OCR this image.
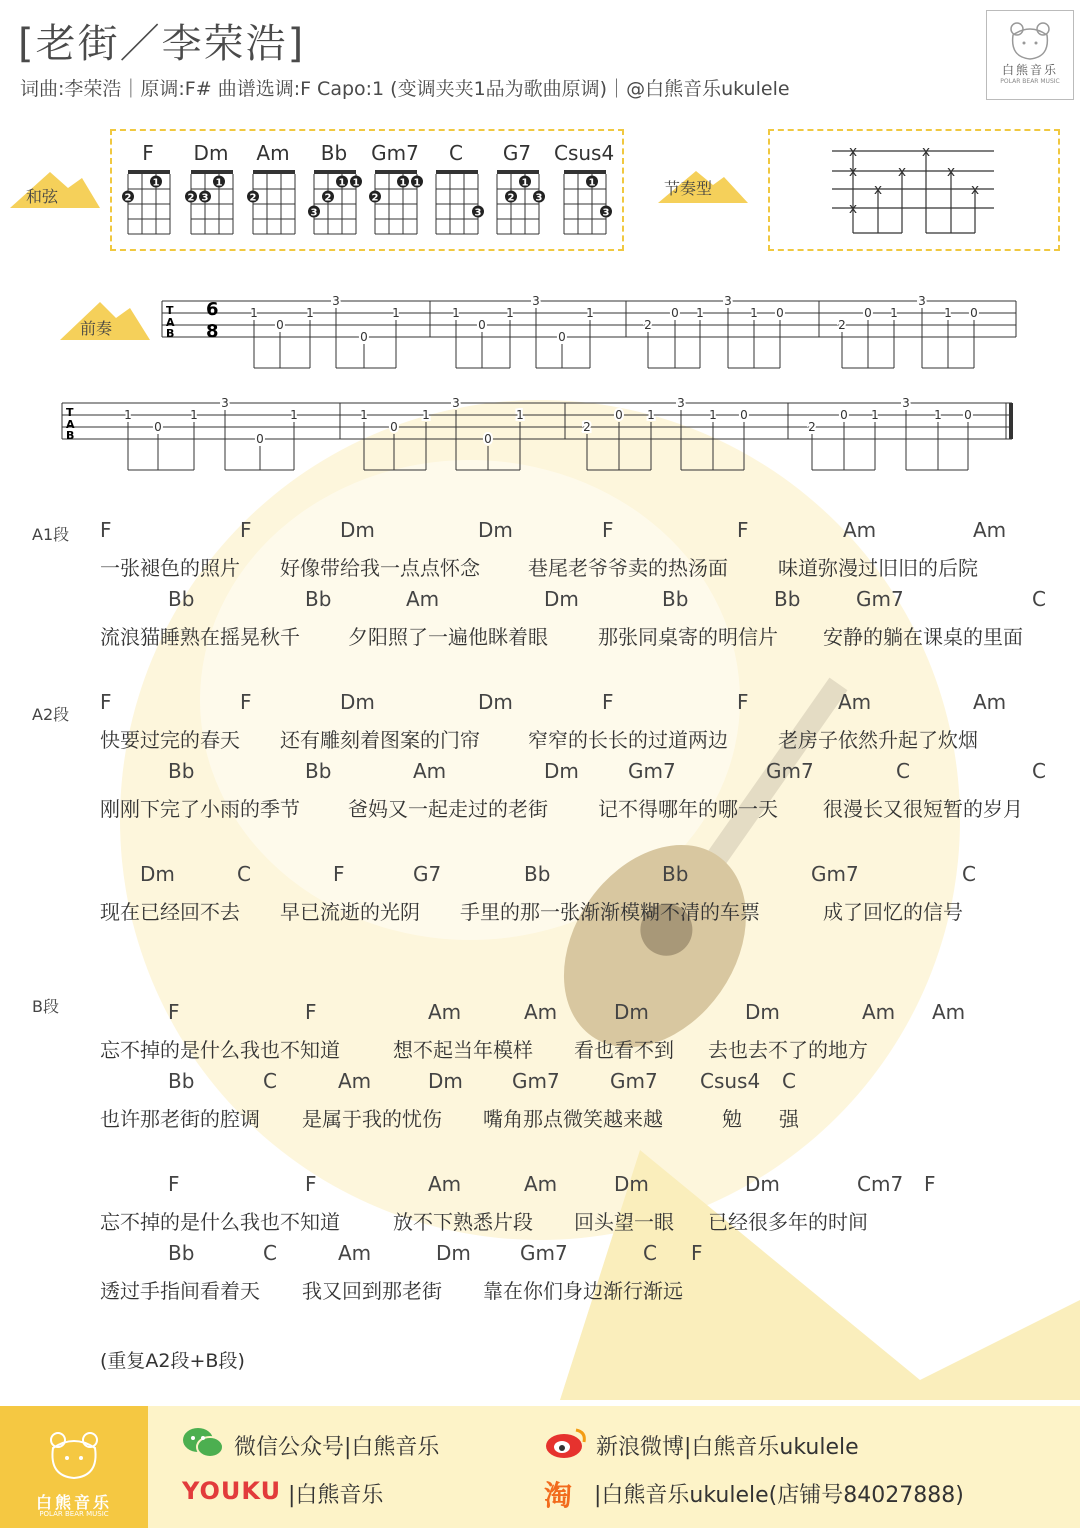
[老街／李荣浩]
词曲:李荣浩｜原调:F# 曲谱选调:F Capo:1 (变调夹夹1品为歌曲原调)｜@白熊音乐ukulele
白熊音乐
POLAR BEAR MUSIC
和弦
F	Dm	Am	Bb	Gm7	C	G7	Csus4
2
1
2 3
1
2
3
2
1 1
2
1 1
3
2
1
3
1
3
节奏型
x
x
x
x
x
x
x
x
前奏
T
A
B
6
8
1
0
1
3
0
1	1
0
1
3
0
1
2
0 1
3
1 0
2
0 1
3
1 0
T
A
B
1
0
1
3
0
1	1
0
1
3
0
1
2
0 1
3
1 0
2
0 1
3
1 0
A1段 F	F	Dm	Dm	F	F	Am	Am
一张褪色的照片 好像带给我一点点怀念 巷尾老爷爷卖的热汤面	味道弥漫过旧旧的后院
Bb	Bb	Am	Dm	Bb	Bb	Gm7	C
流浪猫睡熟在摇晃秋千 夕阳照了一遍他眯着眼	那张同桌寄的明信片 安静的躺在课桌的里面
A2段
F	F	Dm	Dm	F	F	Am	Am
快要过完的春天 还有雕刻着图案的门帘 窄窄的长长的过道两边	老房子依然升起了炊烟
Bb	Bb	Am	Dm Gm7	Gm7	C	C
刚刚下完了小雨的季节 爸妈又一起走过的老街	记不得哪年的哪一天 很漫长又很短暂的岁月
Dm	C	F	G7	Bb	Bb	Gm7	C
现在已经回不去 早已流逝的光阴 手里的那一张渐渐模糊不清的车票	成了回忆的信号
B段	F	F	Am	Am	Dm	Dm	Am Am
忘不掉的是什么我也不知道	想不起当年模样 看也看不到 去也去不了的地方
Bb	C	Am	Dm Gm7	Gm7 Csus4 C
也许那老街的腔调 是属于我的忧伤 嘴角那点微笑越来越	勉 强
F	F	Am	Am	Dm	Dm	Cm7 F
忘不掉的是什么我也不知道	放不下熟悉片段 回头望一眼 已经很多年的时间
Bb	C	Am	Dm Gm7	C F
透过手指间看着天 我又回到那老街 靠在你们身边渐行渐远
(重复A2段+B段)
白熊音乐
POLAR BEAR MUSIC
微信公众号|白熊音乐	新浪微博|白熊音乐ukulele
YOUKU |白熊音乐	淘 |白熊音乐ukulele(店铺号84027888)
